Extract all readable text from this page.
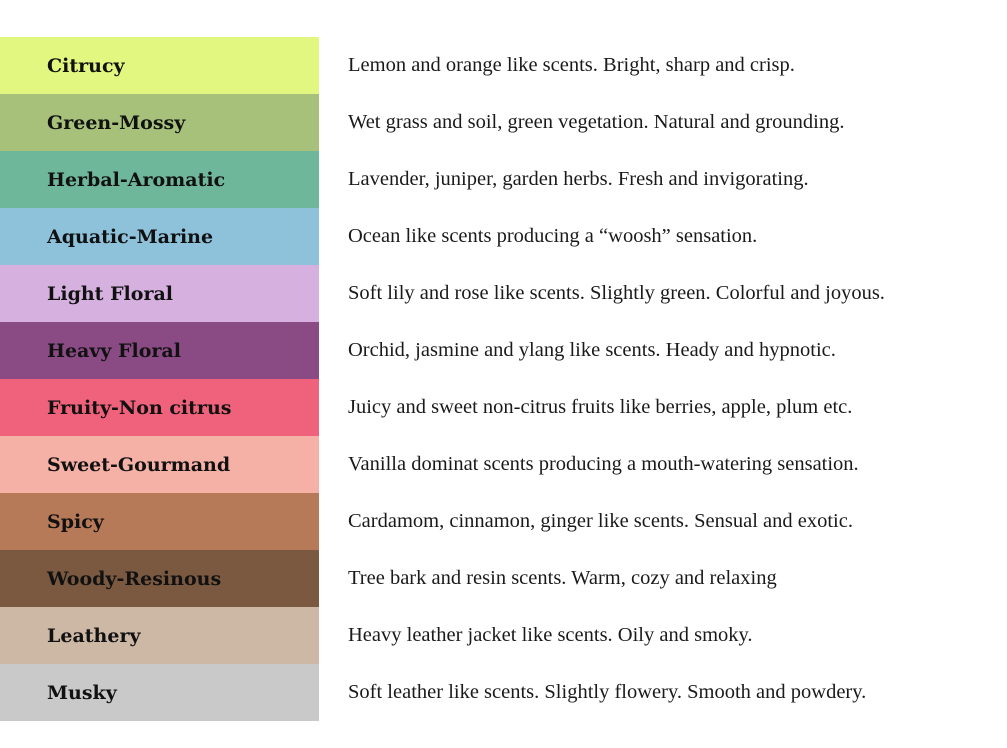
Citrucy	Lemon and orange like scents. Bright, sharp and crisp.
Green-Mossy	Wet grass and soil, green vegetation. Natural and grounding.
Herbal-Aromatic	Lavender, juniper, garden herbs. Fresh and invigorating.
Aquatic-Marine	Ocean like scents producing a “woosh” sensation.
Light Floral	Soft lily and rose like scents. Slightly green. Colorful and joyous.
Heavy Floral	Orchid, jasmine and ylang like scents. Heady and hypnotic.
Fruity-Non citrus	Juicy and sweet non-citrus fruits like berries, apple, plum etc.
Sweet-Gourmand	Vanilla dominat scents producing a mouth-watering sensation.
Spicy	Cardamom, cinnamon, ginger like scents. Sensual and exotic.
Woody-Resinous	Tree bark and resin scents. Warm, cozy and relaxing
Leathery	Heavy leather jacket like scents. Oily and smoky.
Musky	Soft leather like scents. Slightly flowery. Smooth and powdery.
